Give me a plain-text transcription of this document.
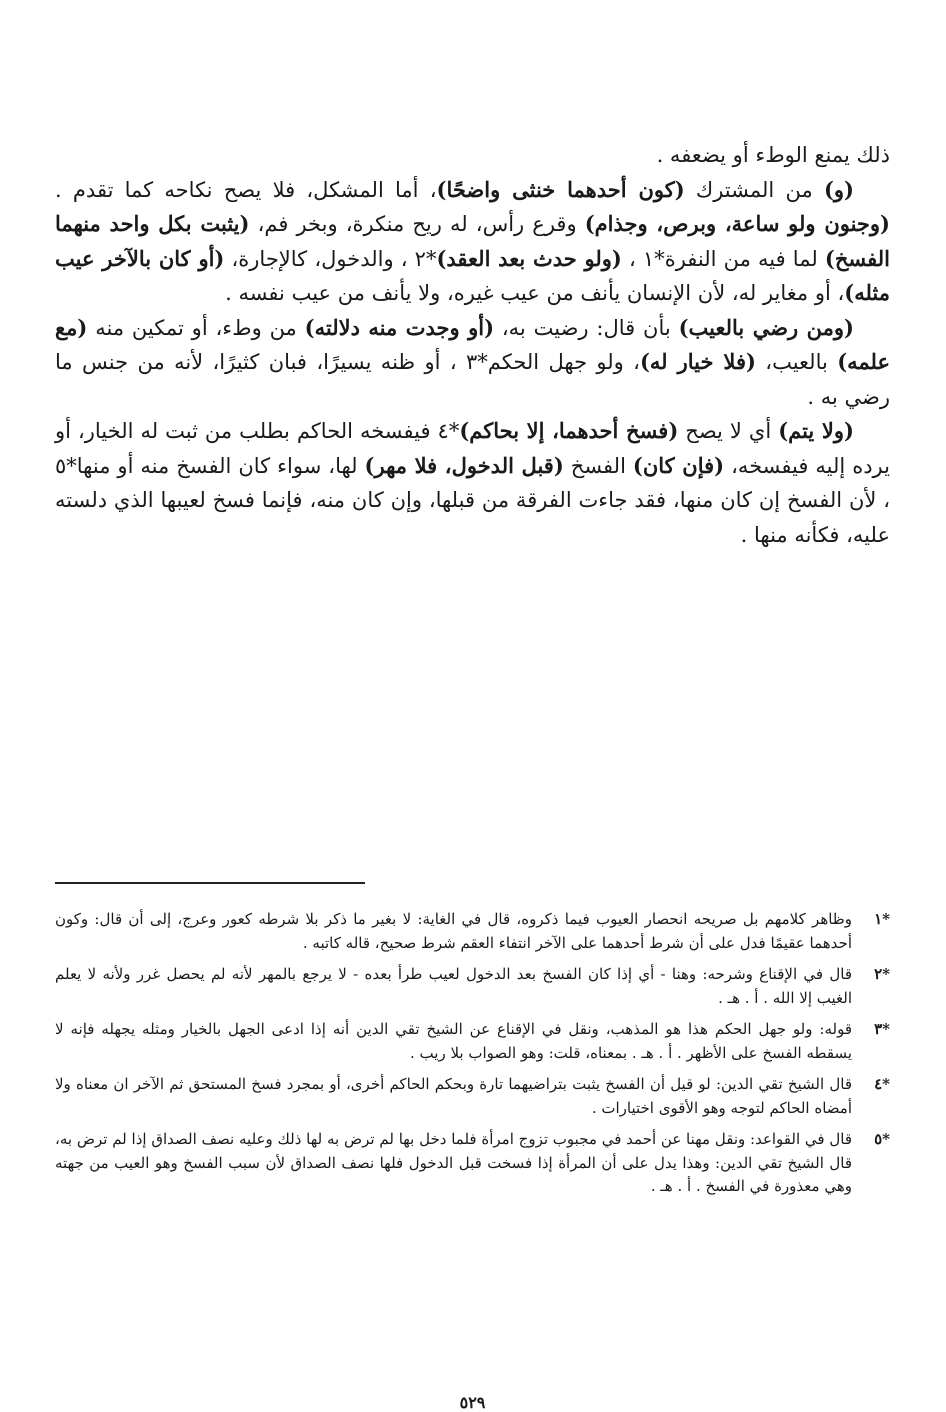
ذلك يمنع الوطء أو يضعفه .

(و) من المشترك (كون أحدهما خنثى واضحًا)، أما المشكل، فلا يصح نكاحه كما تقدم . (وجنون ولو ساعة، وبرص، وجذام) وقرع رأس، له ريح منكرة، وبخر فم، (يثبت بكل واحد منهما الفسخ) لما فيه من النفرة*١ ، (ولو حدث بعد العقد)*٢ ، والدخول، كالإجارة، (أو كان بالآخر عيب مثله)، أو مغاير له، لأن الإنسان يأنف من عيب غيره، ولا يأنف من عيب نفسه .

(ومن رضي بالعيب) بأن قال: رضيت به، (أو وجدت منه دلالته) من وطء، أو تمكين منه (مع علمه) بالعيب، (فلا خيار له)، ولو جهل الحكم*٣ ، أو ظنه يسيرًا، فبان كثيرًا، لأنه من جنس ما رضي به .

(ولا يتم) أي لا يصح (فسخ أحدهما، إلا بحاكم)*٤ فيفسخه الحاكم بطلب من ثبت له الخيار، أو يرده إليه فيفسخه، (فإن كان) الفسخ (قبل الدخول، فلا مهر) لها، سواء كان الفسخ منه أو منها*٥ ، لأن الفسخ إن كان منها، فقد جاءت الفرقة من قبلها، وإن كان منه، فإنما فسخ لعيبها الذي دلسته عليه، فكأنه منها .

*١
وظاهر كلامهم بل صريحه انحصار العيوب فيما ذكروه، قال في الغاية: لا بغير ما ذكر بلا شرطه كعور وعرج، إلى أن قال: وكون أحدهما عقيمًا فدل على أن شرط أحدهما على الآخر انتفاء العقم شرط صحيح، قاله كاتبه .
*٢
قال في الإقناع وشرحه: وهنا - أي إذا كان الفسخ بعد الدخول لعيب طرأ بعده - لا يرجع بالمهر لأنه لم يحصل غرر ولأنه لا يعلم الغيب إلا الله . أ . هـ .
*٣
قوله: ولو جهل الحكم هذا هو المذهب، ونقل في الإقناع عن الشيخ تقي الدين أنه إذا ادعى الجهل بالخيار ومثله يجهله فإنه لا يسقطه الفسخ على الأظهر . أ . هـ . بمعناه، قلت: وهو الصواب بلا ريب .
*٤
قال الشيخ تقي الدين: لو قيل أن الفسخ يثبت بتراضيهما تارة وبحكم الحاكم أخرى، أو بمجرد فسخ المستحق ثم الآخر ان معناه ولا أمضاه الحاكم لتوجه وهو الأقوى اختيارات .
*٥
قال في القواعد: ونقل مهنا عن أحمد في مجبوب تزوج امرأة فلما دخل بها لم ترض به لها ذلك وعليه نصف الصداق إذا لم ترض به، قال الشيخ تقي الدين: وهذا يدل على أن المرأة إذا فسخت قبل الدخول فلها نصف الصداق لأن سبب الفسخ وهو العيب من جهته وهي معذورة في الفسخ . أ . هـ .
٥٢٩
